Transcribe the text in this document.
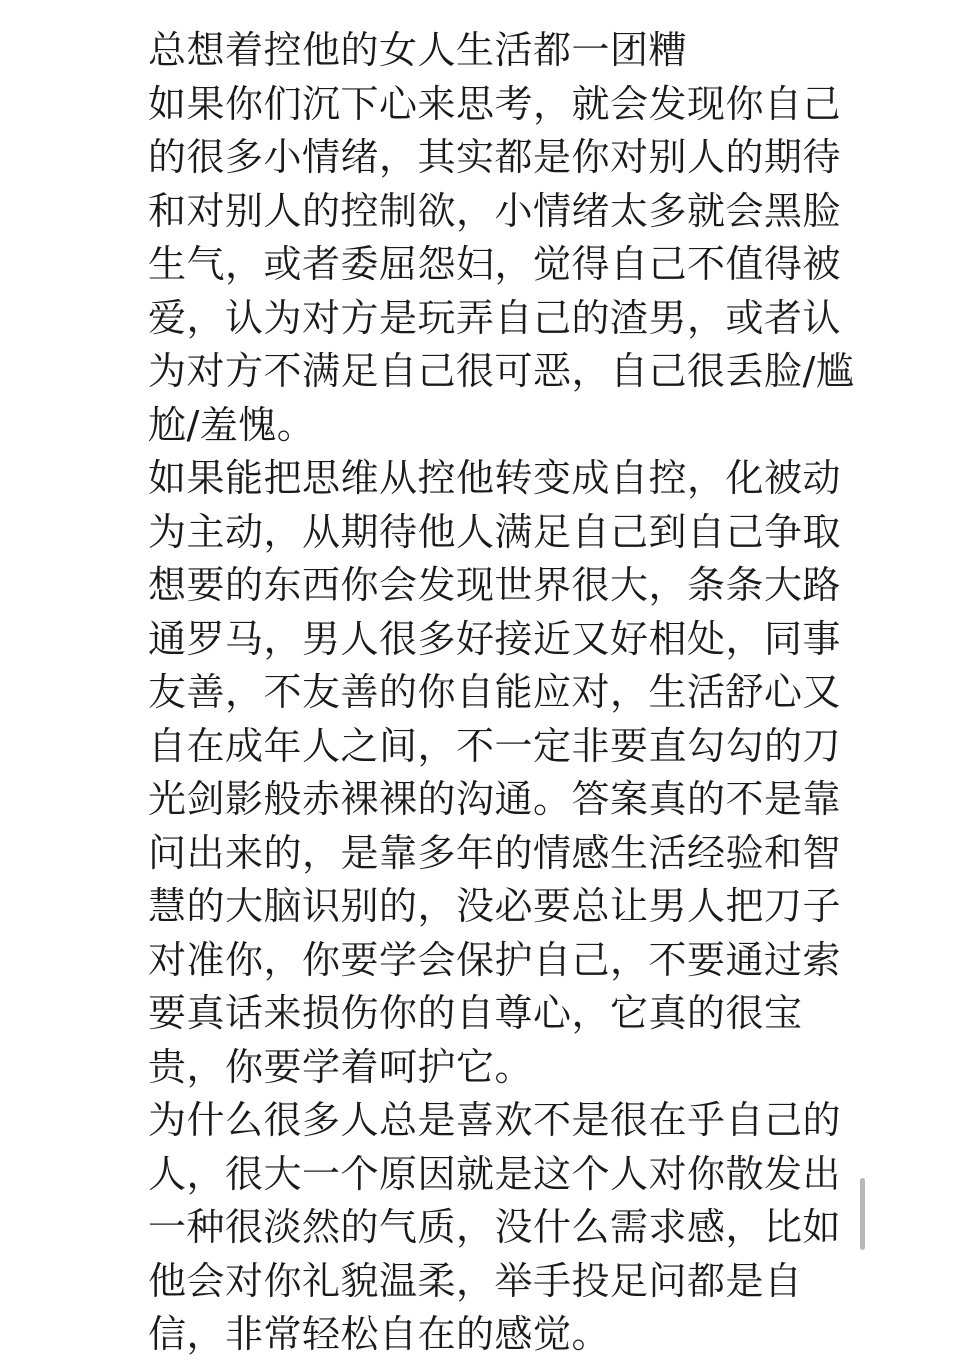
总想着控他的女人生活都一团糟
如果你们沉下心来思考，就会发现你自己
的很多小情绪，其实都是你对别人的期待
和对别人的控制欲，小情绪太多就会黑脸
生气，或者委屈怨妇，觉得自己不值得被
爱，认为对方是玩弄自己的渣男，或者认
为对方不满足自己很可恶，自己很丢脸/尴
尬/羞愧。
如果能把思维从控他转变成自控，化被动
为主动，从期待他人满足自己到自己争取
想要的东西你会发现世界很大，条条大路
通罗马，男人很多好接近又好相处，同事
友善，不友善的你自能应对，生活舒心又
自在成年人之间，不一定非要直勾勾的刀
光剑影般赤裸裸的沟通。答案真的不是靠
问出来的，是靠多年的情感生活经验和智
慧的大脑识别的，没必要总让男人把刀子
对准你，你要学会保护自己，不要通过索
要真话来损伤你的自尊心，它真的很宝
贵，你要学着呵护它。
为什么很多人总是喜欢不是很在乎自己的
人，很大一个原因就是这个人对你散发出
一种很淡然的气质，没什么需求感，比如
他会对你礼貌温柔，举手投足问都是自
信，非常轻松自在的感觉。
